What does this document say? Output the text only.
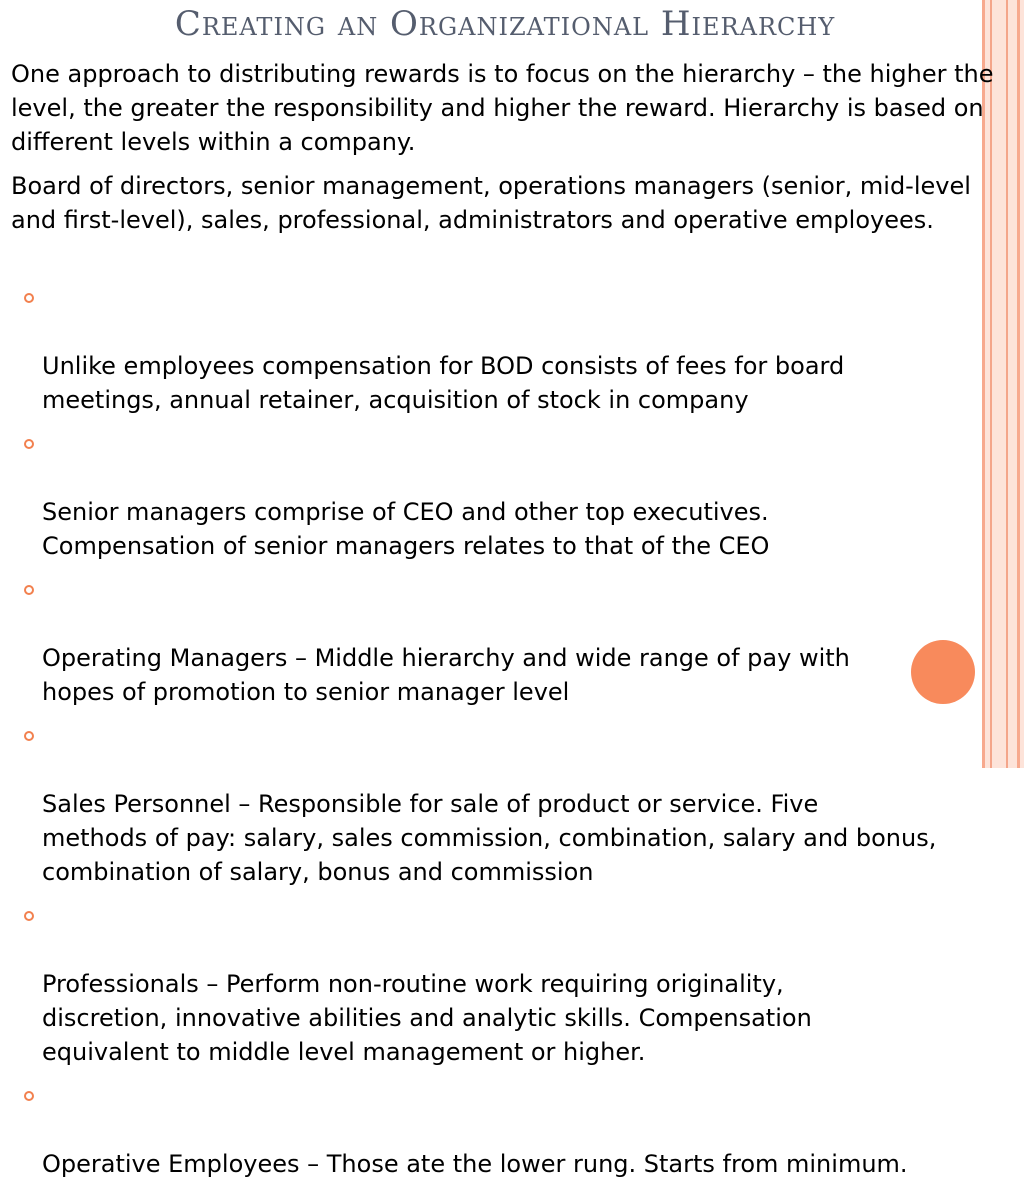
Creating an Organizational Hierarchy

One approach to distributing rewards is to focus on the hierarchy – the higher the level, the greater the responsibility and higher the reward. Hierarchy is based on different levels within a company.

Board of directors, senior management, operations managers (senior, mid-level and first-level), sales, professional, administrators and operative employees.

Unlike employees compensation for BOD consists of fees for board
meetings, annual retainer, acquisition of stock in company

Senior managers comprise of CEO and other top executives.
Compensation of senior managers relates to that of the CEO

Operating Managers – Middle hierarchy and wide range of pay with
hopes of promotion to senior manager level

Sales Personnel – Responsible for sale of product or service. Five
methods of pay: salary, sales commission, combination, salary and bonus,
combination of salary, bonus and commission

Professionals – Perform non-routine work requiring originality,
discretion, innovative abilities and analytic skills. Compensation
equivalent to middle level management or higher.

Operative Employees – Those ate the lower rung. Starts from minimum.
